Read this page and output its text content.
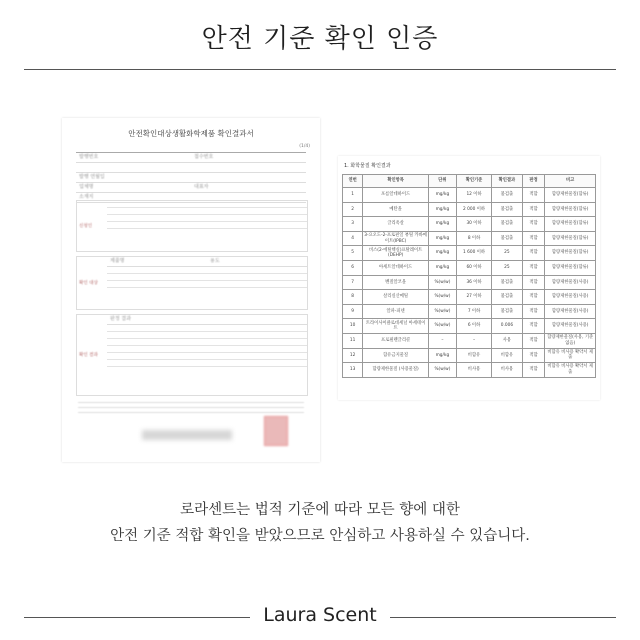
안전 기준 확인 인증
안전확인대상생활화학제품 확인결과서
(1/4)
발행번호	접수번호
발행 연월일
업체명	대표자
소재지
신청인
확인 대상
제품명	용도
확인 결과
판정 결과
1. 화학물질 확인결과
연번	확인항목	단위	확인기준	확인결과	판정	비고
1	포름알데하이드	mg/kg	12 이하	불검출	적합	함량제한물질(함류)
2	메탄올	mg/kg	2 000 이하	불검출	적합	함량제한물질(함류)
3	글리옥살	mg/kg	30 이하	불검출	적합	함량제한물질(함류)
4	3-요오도-2-프로핀일 뷰틸 카바메이트(IPBC)	mg/kg	8 이하	불검출	적합	함량제한물질(함류)
5	비스(2-에틸헥실)프탈레이트(DEHP)	mg/kg	1 600 이하	25	적합	함량제한물질(함류)
6	아세트알데하이드	mg/kg	60 이하	25	적합	함량제한물질(함류)
7	벤질알코올	%(w/w)	36 이하	불검출	적합	함량제한물질(사용)
8	살리실산메틸	%(w/w)	27 이하	불검출	적합	함량제한물질(사용)
9	알파-피넨	%(w/w)	7 이하	불검출	적합	함량제한물질(사용)
10	트라이사이클로데세닐 아세테이트	%(w/w)	6 이하	0.006	적합	함량제한물질(사용)
11	프로필렌글리콜	–	–	사용	적합	함량제한물질(사용, 기준 없음)
12	함유금지물질	mg/kg	비함유	비함유	적합	비함유 비사용 확약서 제출
13	함량제한물질 (사용물질)	%(w/w)	비사용	비사용	적합	비함유 비사용 확약서 제출
로라센트는 법적 기준에 따라 모든 향에 대한
안전 기준 적합 확인을 받았으므로 안심하고 사용하실 수 있습니다.
Laura Scent
